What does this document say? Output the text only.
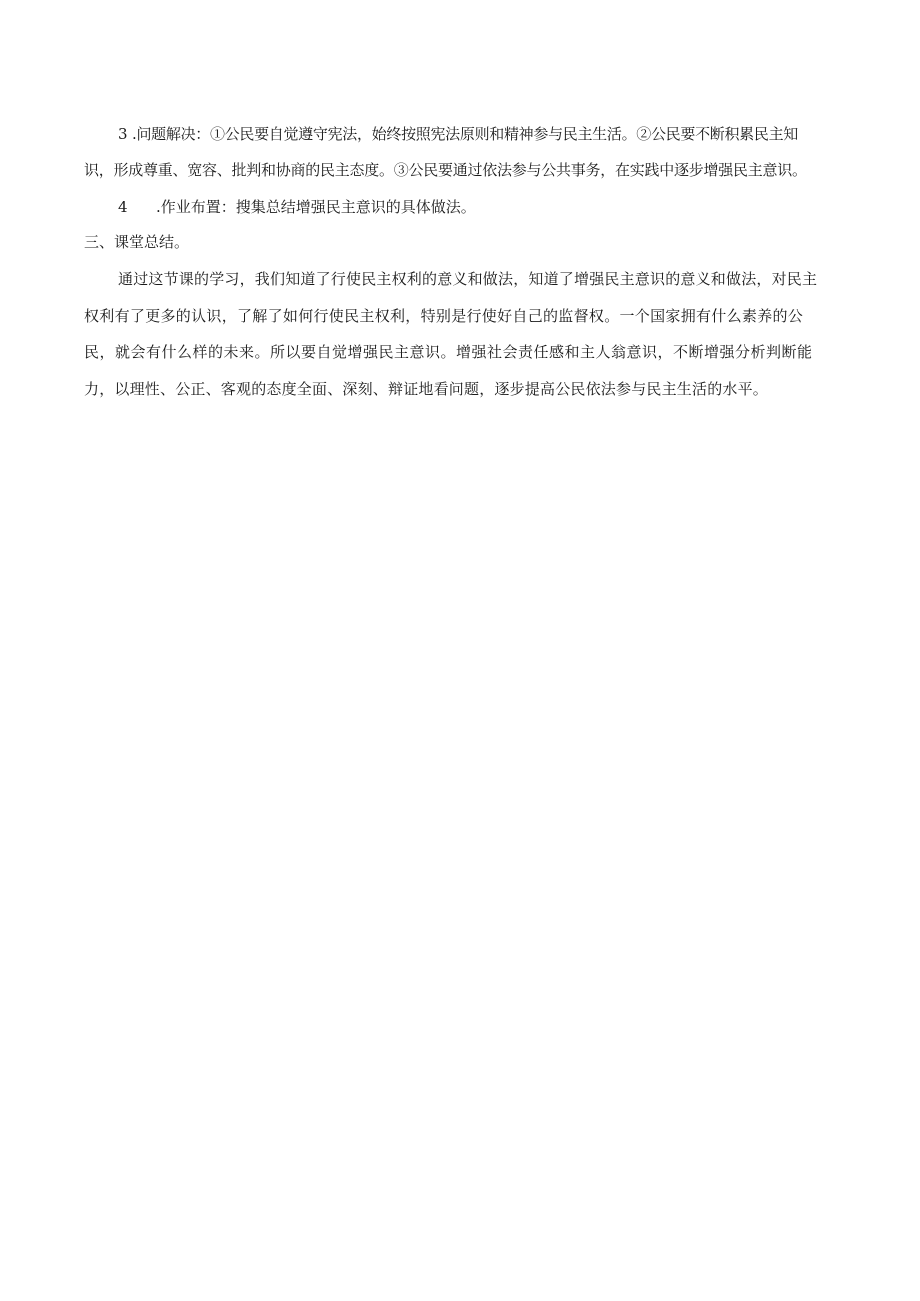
3 .问题解决：①公民要自觉遵守宪法，始终按照宪法原则和精神参与民主生活。②公民要不断积累民主知
识，形成尊重、宽容、批判和协商的民主态度。③公民要通过依法参与公共事务，在实践中逐步增强民主意识。
4 .作业布置：搜集总结增强民主意识的具体做法。
三、课堂总结。
通过这节课的学习，我们知道了行使民主权利的意义和做法，知道了增强民主意识的意义和做法，对民主
权利有了更多的认识，了解了如何行使民主权利，特别是行使好自己的监督权。一个国家拥有什么素养的公
民，就会有什么样的未来。所以要自觉增强民主意识。增强社会责任感和主人翁意识，不断增强分析判断能
力，以理性、公正、客观的态度全面、深刻、辩证地看问题，逐步提高公民依法参与民主生活的水平。
